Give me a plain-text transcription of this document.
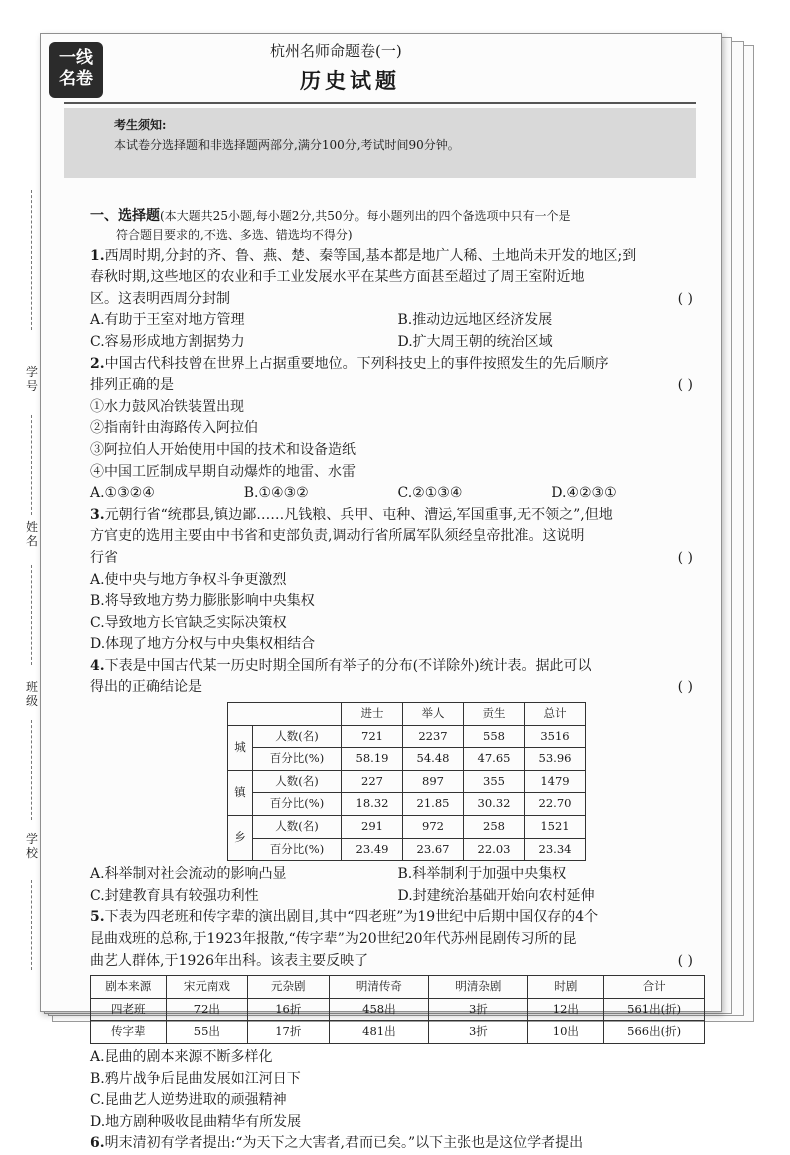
一线
名卷
杭州名师命题卷(一)
历史试题
考生须知:
本试卷分选择题和非选择题两部分,满分100分,考试时间90分钟。
学号
姓名
班级
学校

一、选择题(本大题共25小题,每小题2分,共50分。每小题列出的四个备选项中只有一个是

符合题目要求的,不选、多选、错选均不得分)

1.西周时期,分封的齐、鲁、燕、楚、秦等国,基本都是地广人稀、土地尚未开发的地区;到

春秋时期,这些地区的农业和手工业发展水平在某些方面甚至超过了周王室附近地

区。这表明西周分封制	( )

A.有助于王室对地方管理	B.推动边远地区经济发展
C.容易形成地方割据势力	D.扩大周王朝的统治区域

2.中国古代科技曾在世界上占据重要地位。下列科技史上的事件按照发生的先后顺序

排列正确的是	( )

①水力鼓风冶铁装置出现

②指南针由海路传入阿拉伯

③阿拉伯人开始使用中国的技术和设备造纸

④中国工匠制成早期自动爆炸的地雷、水雷

A.①③②④	B.①④③②	C.②①③④	D.④②③①

3.元朝行省“统郡县,镇边鄙……凡钱粮、兵甲、屯种、漕运,军国重事,无不领之”,但地

方官吏的选用主要由中书省和吏部负责,调动行省所属军队须经皇帝批准。这说明

行省	( )

A.使中央与地方争权斗争更激烈

B.将导致地方势力膨胀影响中央集权

C.导致地方长官缺乏实际决策权

D.体现了地方分权与中央集权相结合

4.下表是中国古代某一历史时期全国所有举子的分布(不详除外)统计表。据此可以

得出的正确结论是	( )

		进士	举人	贡生	总计
城	人数(名)	721	2237	558	3516
	百分比(%)	58.19	54.48	47.65	53.96
镇	人数(名)	227	897	355	1479
	百分比(%)	18.32	21.85	30.32	22.70
乡	人数(名)	291	972	258	1521
	百分比(%)	23.49	23.67	22.03	23.34
A.科举制对社会流动的影响凸显	B.科举制利于加强中央集权
C.封建教育具有较强功利性	D.封建统治基础开始向农村延伸

5.下表为四老班和传字辈的演出剧目,其中“四老班”为19世纪中后期中国仅存的4个

昆曲戏班的总称,于1923年报散,“传字辈”为20世纪20年代苏州昆剧传习所的昆

曲艺人群体,于1926年出科。该表主要反映了	( )

剧本来源	宋元南戏	元杂剧	明清传奇	明清杂剧	时剧	合计
四老班	72出	16折	458出	3折	12出	561出(折)
传字辈	55出	17折	481出	3折	10出	566出(折)

A.昆曲的剧本来源不断多样化

B.鸦片战争后昆曲发展如江河日下

C.昆曲艺人逆势进取的顽强精神

D.地方剧种吸收昆曲精华有所发展

6.明末清初有学者提出:“为天下之大害者,君而已矣。”以下主张也是这位学者提出
